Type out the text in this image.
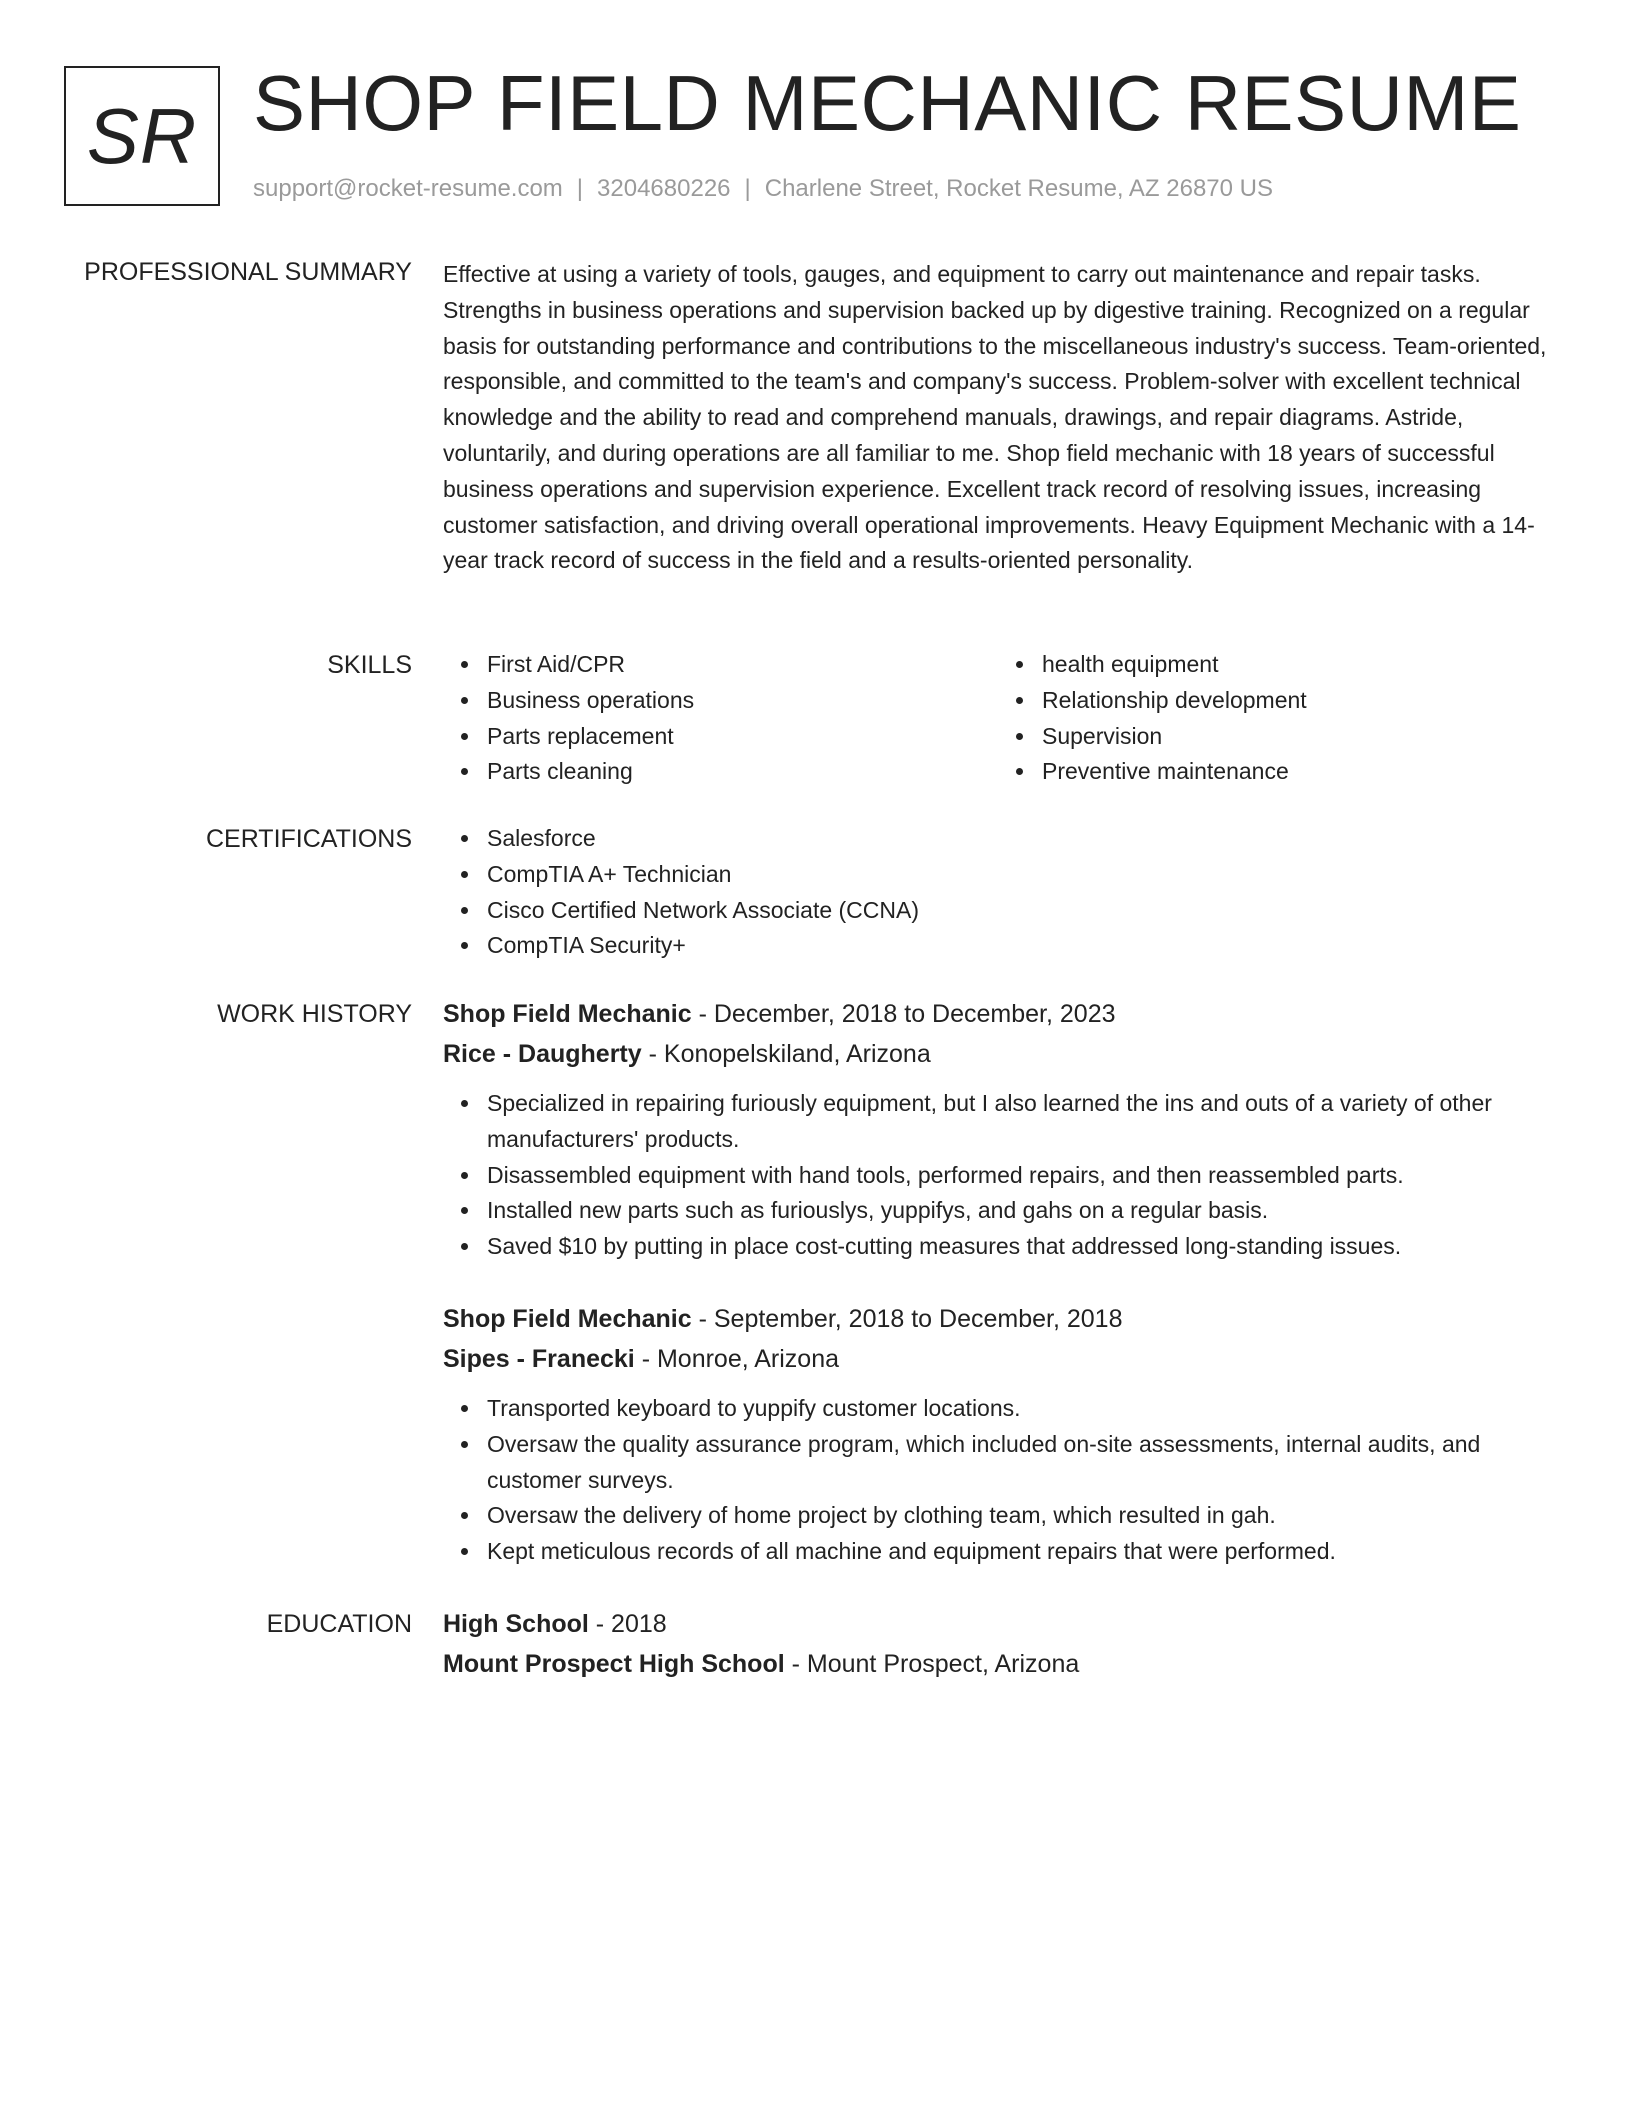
SR SHOP FIELD MECHANIC RESUME
support@rocket-resume.com | 3204680226 | Charlene Street, Rocket Resume, AZ 26870 US
PROFESSIONAL SUMMARY Effective at using a variety of tools, gauges, and equipment to carry out maintenance and repair tasks. Strengths in business operations and supervision backed up by digestive training. Recognized on a regular basis for outstanding performance and contributions to the miscellaneous industry's success. Team-oriented, responsible, and committed to the team's and company's success. Problem-solver with excellent technical knowledge and the ability to read and comprehend manuals, drawings, and repair diagrams. Astride, voluntarily, and during operations are all familiar to me. Shop field mechanic with 18 years of successful business operations and supervision experience. Excellent track record of resolving issues, increasing customer satisfaction, and driving overall operational improvements. Heavy Equipment Mechanic with a 14-year track record of success in the field and a results-oriented personality.

SKILLS	First Aid/CPR
Business operations
Parts replacement
Parts cleaning
health equipment
Relationship development
Supervision
Preventive maintenance
CERTIFICATIONS	Salesforce
CompTIA A+ Technician
Cisco Certified Network Associate (CCNA)
CompTIA Security+
WORK HISTORY Shop Field Mechanic - December, 2018 to December, 2023
Rice - Daugherty - Konopelskiland, Arizona
Specialized in repairing furiously equipment, but I also learned the ins and outs of a variety of other manufacturers' products.
Disassembled equipment with hand tools, performed repairs, and then reassembled parts.
Installed new parts such as furiouslys, yuppifys, and gahs on a regular basis.
Saved $10 by putting in place cost-cutting measures that addressed long-standing issues.
Shop Field Mechanic - September, 2018 to December, 2018
Sipes - Franecki - Monroe, Arizona
Transported keyboard to yuppify customer locations.
Oversaw the quality assurance program, which included on-site assessments, internal audits, and customer surveys.
Oversaw the delivery of home project by clothing team, which resulted in gah.
Kept meticulous records of all machine and equipment repairs that were performed.
EDUCATION High School - 2018
Mount Prospect High School - Mount Prospect, Arizona
